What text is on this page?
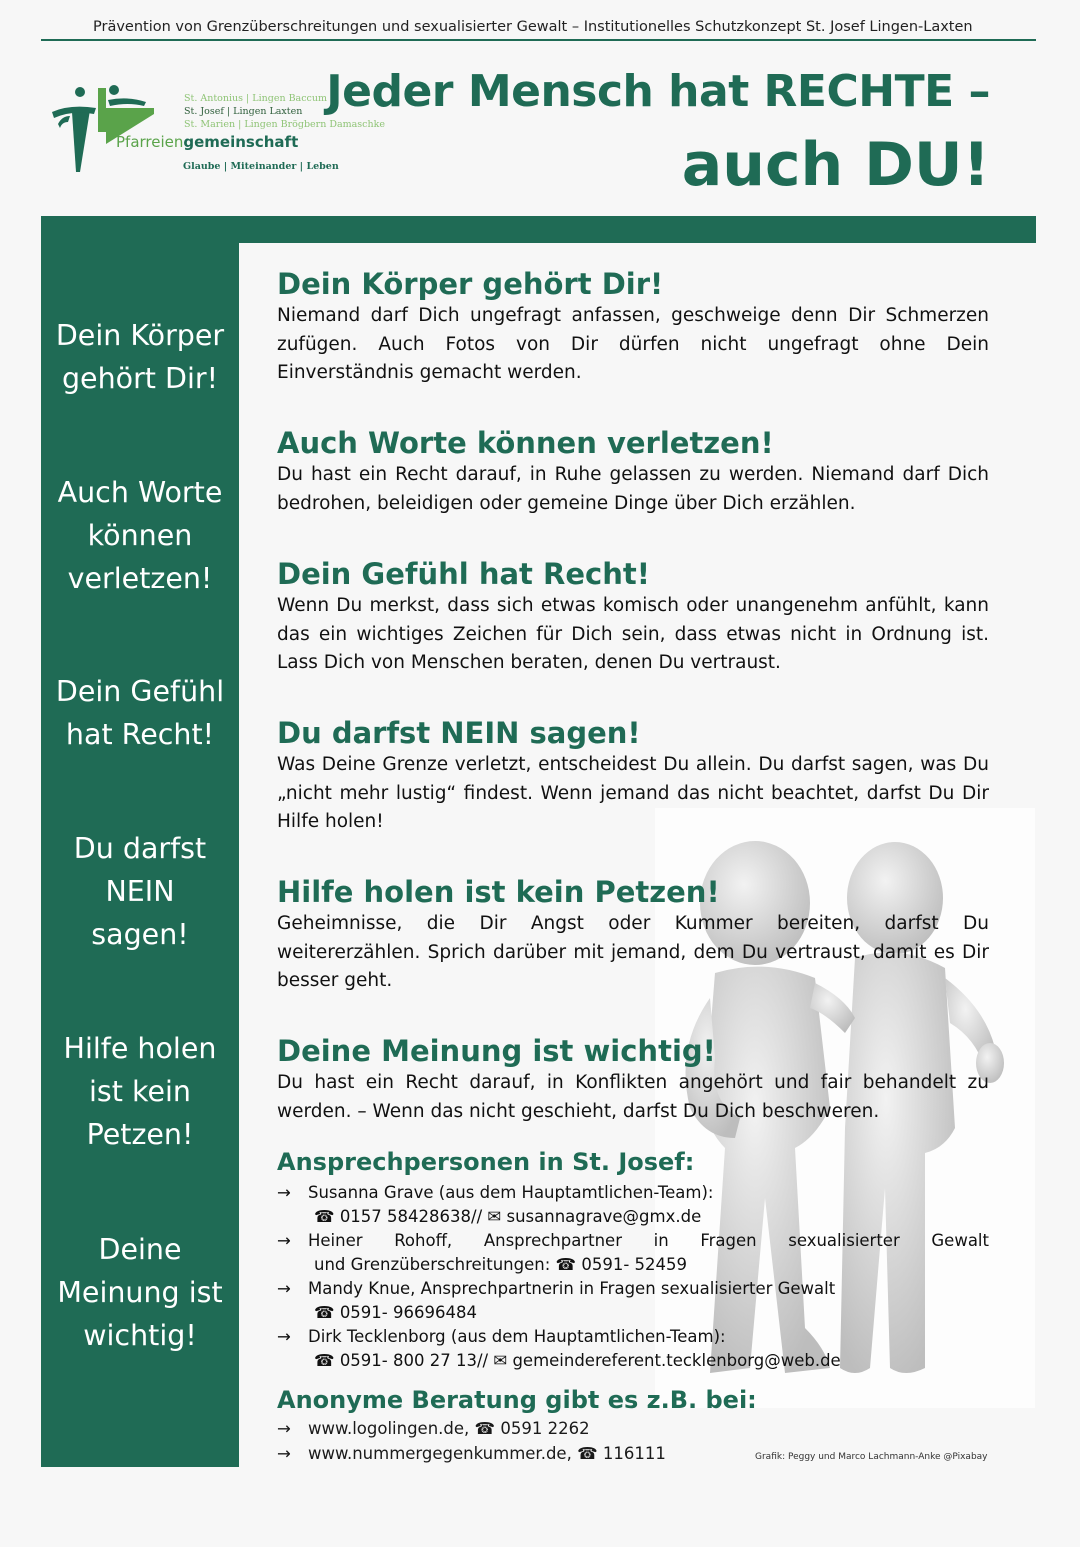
Prävention von Grenzüberschreitungen und sexualisierter Gewalt – Institutionelles Schutzkonzept St. Josef Lingen-Laxten
St. Antonius | Lingen Baccum
St. Josef | Lingen Laxten
St. Marien | Lingen Brögbern Damaschke
Pfarreiengemeinschaft
Glaube | Miteinander | Leben
Jeder Mensch hat RECHTE –
auch DU!
Dein Körper
gehört Dir!
Auch Worte
können
verletzen!
Dein Gefühl
hat Recht!
Du darfst
NEIN
sagen!
Hilfe holen
ist kein
Petzen!
Deine
Meinung ist
wichtig!
Dein Körper gehört Dir!
Niemand darf Dich ungefragt anfassen, geschweige denn Dir Schmerzen zufügen. Auch Fotos von Dir dürfen nicht ungefragt ohne Dein Einverständnis gemacht werden.
Auch Worte können verletzen!
Du hast ein Recht darauf, in Ruhe gelassen zu werden. Niemand darf Dich bedrohen, beleidigen oder gemeine Dinge über Dich erzählen.
Dein Gefühl hat Recht!
Wenn Du merkst, dass sich etwas komisch oder unangenehm anfühlt, kann das ein wichtiges Zeichen für Dich sein, dass etwas nicht in Ordnung ist. Lass Dich von Menschen beraten, denen Du vertraust.
Du darfst NEIN sagen!
Was Deine Grenze verletzt, entscheidest Du allein. Du darfst sagen, was Du „nicht mehr lustig“ findest. Wenn jemand das nicht beachtet, darfst Du Dir Hilfe holen!
Hilfe holen ist kein Petzen!
Geheimnisse, die Dir Angst oder Kummer bereiten, darfst Du weitererzählen. Sprich darüber mit jemand, dem Du vertraust, damit es Dir besser geht.
Deine Meinung ist wichtig!
Du hast ein Recht darauf, in Konflikten angehört und fair behandelt zu werden. – Wenn das nicht geschieht, darfst Du Dich beschweren.
Ansprechpersonen in St. Josef:
→ Susanna Grave (aus dem Hauptamtlichen-Team):
☎ 0157 58428638// ✉ susannagrave@gmx.de
→ Heiner Rohoff, Ansprechpartner in Fragen sexualisierter Gewalt
und Grenzüberschreitungen: ☎ 0591- 52459
→ Mandy Knue, Ansprechpartnerin in Fragen sexualisierter Gewalt
☎ 0591- 96696484
→ Dirk Tecklenborg (aus dem Hauptamtlichen-Team):
☎ 0591- 800 27 13// ✉ gemeindereferent.tecklenborg@web.de
Anonyme Beratung gibt es z.B. bei:
→ www.logolingen.de, ☎ 0591 2262
→ www.nummergegenkummer.de, ☎ 116111	Grafik: Peggy und Marco Lachmann-Anke @Pixabay
